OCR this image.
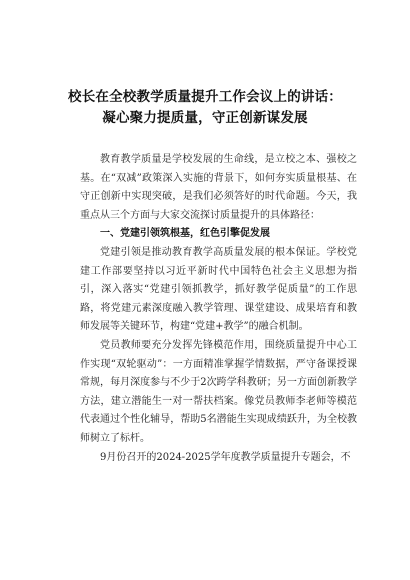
校长在全校教学质量提升工作会议上的讲话：
凝心聚力提质量，守正创新谋发展

教育教学质量是学校发展的生命线，是立校之本、强校之基。在“双减”政策深入实施的背景下，如何夯实质量根基、在守正创新中实现突破，是我们必须答好的时代命题。今天，我重点从三个方面与大家交流探讨质量提升的具体路径：

一、党建引领筑根基，红色引擎促发展

党建引领是推动教育教学高质量发展的根本保证。学校党建工作部要坚持以习近平新时代中国特色社会主义思想为指引，深入落实“党建引领抓教学，抓好教学促质量”的工作思路，将党建元素深度融入教学管理、课堂建设、成果培育和教师发展等关键环节，构建“党建+教学”的融合机制。

党员教师要充分发挥先锋模范作用，围绕质量提升中心工作实现“双轮驱动”：一方面精准掌握学情数据，严守备课授课常规，每月深度参与不少于2次跨学科教研；另一方面创新教学方法，建立潜能生一对一帮扶档案。像党员教师李老师等模范代表通过个性化辅导，帮助5名潜能生实现成绩跃升，为全校教师树立了标杆。

9月份召开的2024-2025学年度教学质量提升专题会，不
